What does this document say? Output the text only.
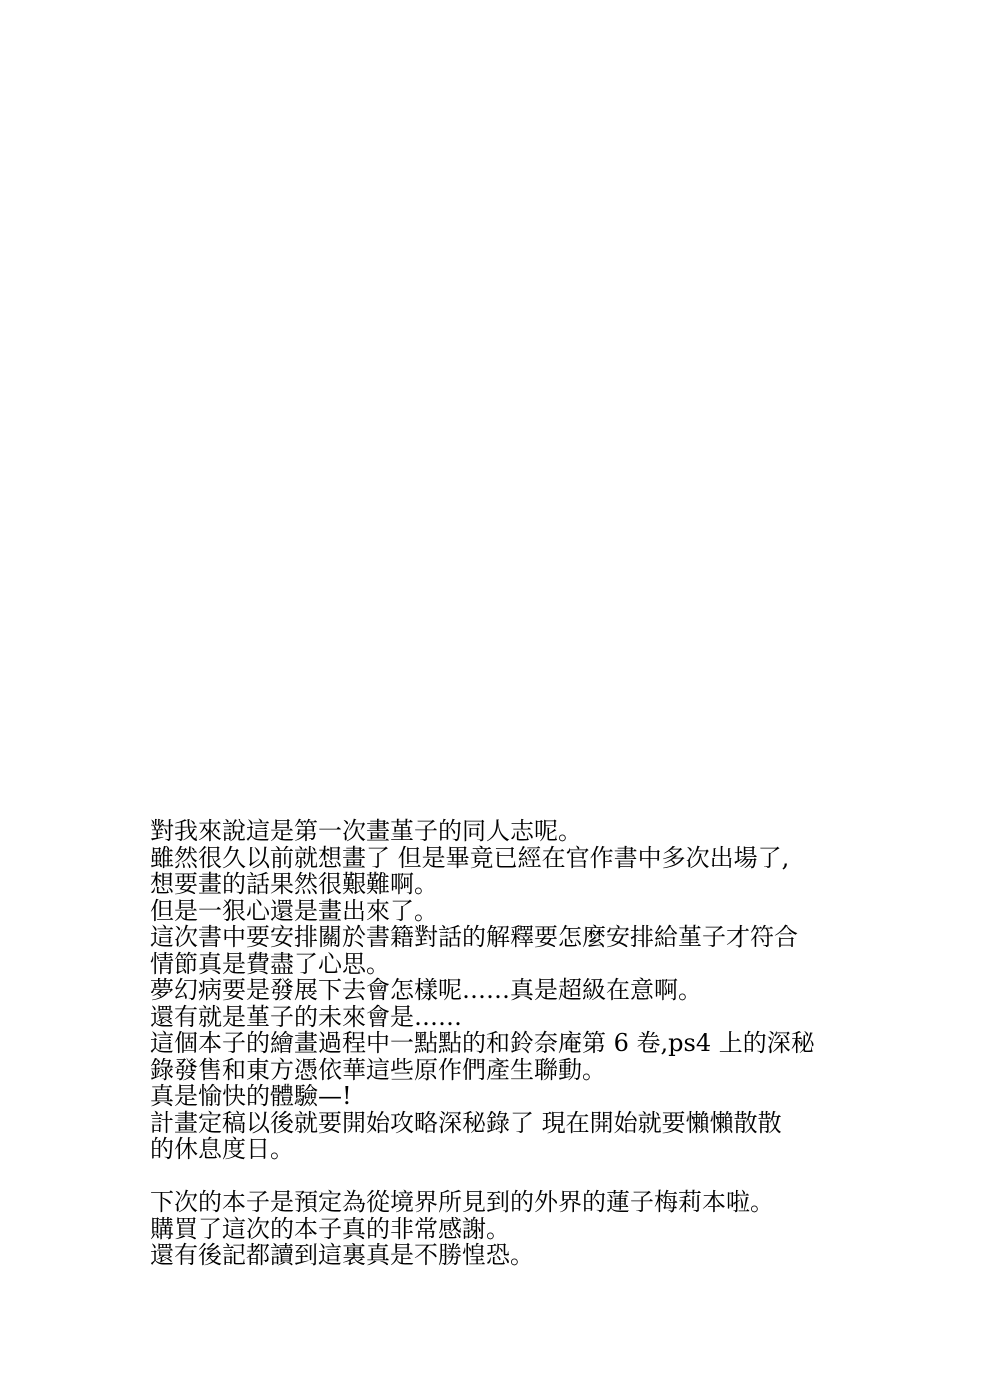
對我來說這是第一次畫堇子的同人志呢。
雖然很久以前就想畫了 但是畢竟已經在官作書中多次出場了,
想要畫的話果然很艱難啊。
但是一狠心還是畫出來了。
這次書中要安排關於書籍對話的解釋要怎麼安排給堇子才符合
情節真是費盡了心思。
夢幻病要是發展下去會怎樣呢……真是超級在意啊。
還有就是堇子的未來會是……
這個本子的繪畫過程中一點點的和鈴奈庵第 6 卷,ps4 上的深秘
錄發售和東方憑依華這些原作們產生聯動。
真是愉快的體驗—!
計畫定稿以後就要開始攻略深秘錄了 現在開始就要懶懶散散
的休息度日。
下次的本子是預定為從境界所見到的外界的蓮子梅莉本啦。
購買了這次的本子真的非常感謝。
還有後記都讀到這裏真是不勝惶恐。
